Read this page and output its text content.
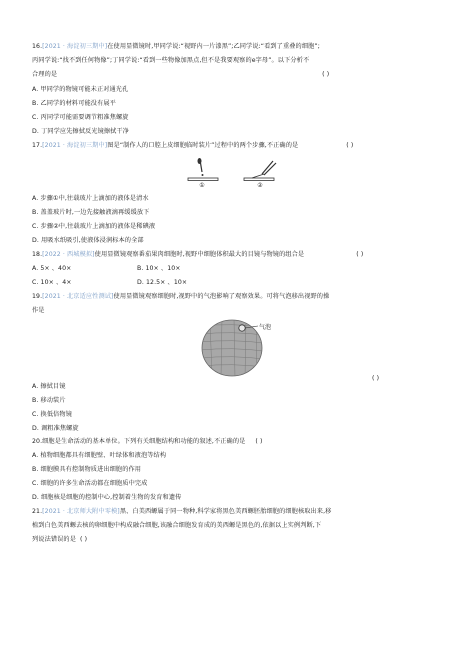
16.[2021 · 海淀初三期中]在使用显微镜时,甲同学说:“视野内一片漆黑”;乙同学说:“看到了重叠的细胞”;
丙同学说:“找不到任何物像”;丁同学说:“看到一些物像加黑点,但不是我要观察的e字母”。以下分析不
合理的是	( )
A. 甲同学的物镜可能未正对通光孔
B. 乙同学的材料可能没有展平
C. 丙同学可能需要调节粗准焦螺旋
D. 丁同学应先擦拭反光镜擦拭干净
17.[2021 · 海淀初三期中]图是“制作人的口腔上皮细胞临时装片”过程中的两个步骤,不正确的是	( )
①	②
A. 步骤①中,往载玻片上滴加的液体是清水
B. 盖盖玻片时,一边先接触液滴再缓缓放下
C. 步骤②中,往载玻片上滴加的液体是稀碘液
D. 用吸水纸吸引,使液体浸润标本的全部
18.[2022 · 西城模拟]使用显微镜观察番茄果肉细胞时,视野中细胞体积最大的目镜与物镜的组合是	( )
A. 5× 、40×	B. 10× 、10×
C. 10× 、4×	D. 12.5× 、10×
19.[2021 · 北京适应性测试]使用显微镜观察细胞时,视野中的气泡影响了观察效果。可将气泡移出视野的操
作是
气泡
( )
A. 擦拭目镜
B. 移动装片
C. 换低倍物镜
D. 调粗准焦螺旋
20.细胞是生命活动的基本单位。下列有关细胞结构和功能的叙述,不正确的是 ( )
A. 植物细胞都具有细胞壁、叶绿体和液泡等结构
B. 细胞膜具有控制物质进出细胞的作用
C. 细胞的许多生命活动都在细胞质中完成
D. 细胞核是细胞的控制中心,控制着生物的发育和遗传
21.[2021 · 北京师大附中零模]黑、白美西螈属于同一物种,科学家将黑色美西螈胚胎细胞的细胞核取出来,移
植到白色美西螈去核的卵细胞中构成融合细胞,该融合细胞发育成的美西螈是黑色的,依据以上实例判断,下
列说法错误的是 ( )
